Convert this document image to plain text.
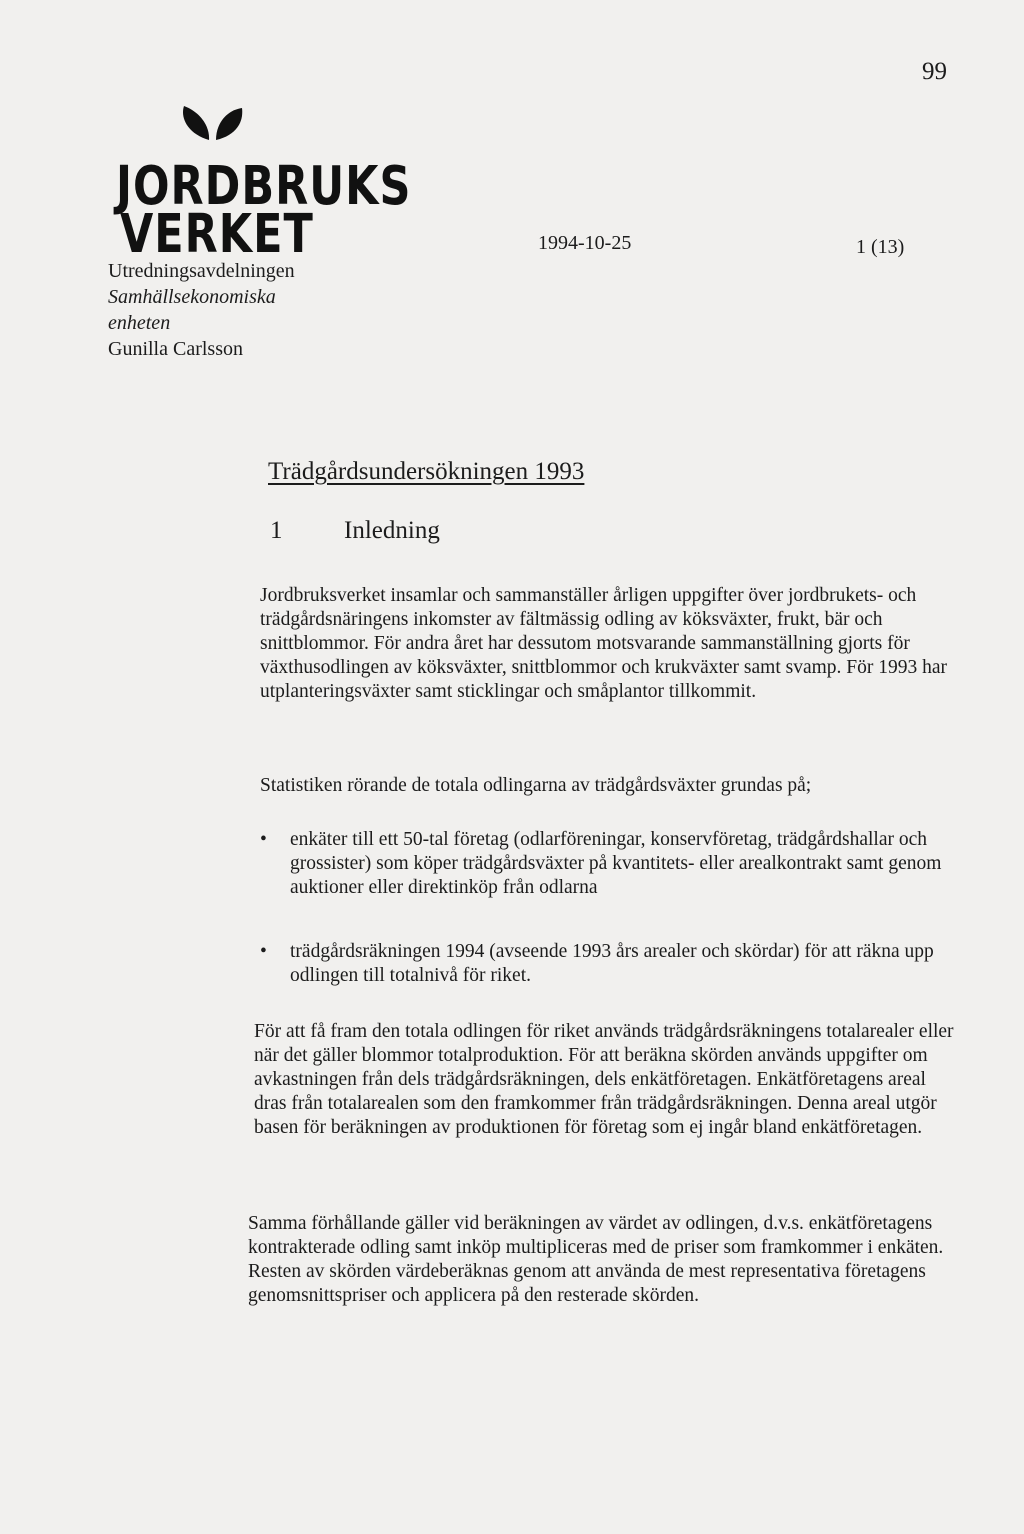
99
JORDBRUKS
VERKET
Utredningsavdelningen
Samhällsekonomiska
enheten
Gunilla Carlsson
1994-10-25	1 (13)
Trädgårdsundersökningen 1993
1 Inledning

Jordbruksverket insamlar och sammanställer årligen uppgifter över jordbrukets- och trädgårdsnäringens inkomster av fältmässig odling av köksväxter, frukt, bär och snittblommor. För andra året har dessutom motsvarande sammanställning gjorts för växthusodlingen av köksväxter, snittblommor och krukväxter samt svamp. För 1993 har utplanteringsväxter samt sticklingar och småplantor tillkommit.

Statistiken rörande de totala odlingarna av trädgårdsväxter grundas på;

• enkäter till ett 50-tal företag (odlarföreningar, konservföretag, trädgårdshallar och grossister) som köper trädgårdsväxter på kvantitets- eller arealkontrakt samt genom auktioner eller direktinköp från odlarna
• trädgårdsräkningen 1994 (avseende 1993 års arealer och skördar) för att räkna upp odlingen till totalnivå för riket.

För att få fram den totala odlingen för riket används trädgårdsräkningens totalarealer eller när det gäller blommor totalproduktion. För att beräkna skörden används uppgifter om avkastningen från dels trädgårdsräkningen, dels enkätföretagen. Enkätföretagens areal dras från totalarealen som den framkommer från trädgårdsräkningen. Denna areal utgör basen för beräkningen av produktionen för företag som ej ingår bland enkätföretagen.

Samma förhållande gäller vid beräkningen av värdet av odlingen, d.v.s. enkätföretagens kontrakterade odling samt inköp multipliceras med de priser som framkommer i enkäten. Resten av skörden värdeberäknas genom att använda de mest representativa företagens genomsnittspriser och applicera på den resterade skörden.
